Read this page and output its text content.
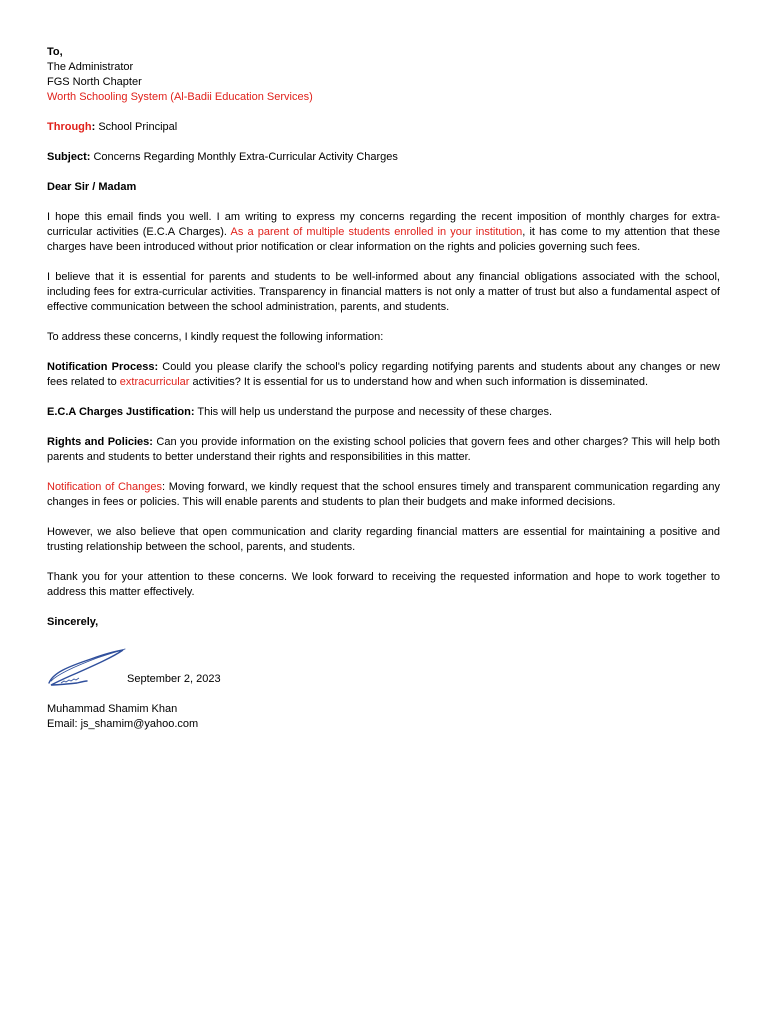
To,
The Administrator
FGS North Chapter
Worth Schooling System (Al-Badii Education Services)
Through: School Principal
Subject: Concerns Regarding Monthly Extra-Curricular Activity Charges
Dear Sir / Madam
I hope this email finds you well. I am writing to express my concerns regarding the recent imposition of monthly charges for extra-curricular activities (E.C.A Charges). As a parent of multiple students enrolled in your institution, it has come to my attention that these charges have been introduced without prior notification or clear information on the rights and policies governing such fees.
I believe that it is essential for parents and students to be well-informed about any financial obligations associated with the school, including fees for extra-curricular activities. Transparency in financial matters is not only a matter of trust but also a fundamental aspect of effective communication between the school administration, parents, and students.
To address these concerns, I kindly request the following information:
Notification Process: Could you please clarify the school's policy regarding notifying parents and students about any changes or new fees related to extracurricular activities? It is essential for us to understand how and when such information is disseminated.
E.C.A Charges Justification: This will help us understand the purpose and necessity of these charges.
Rights and Policies: Can you provide information on the existing school policies that govern fees and other charges? This will help both parents and students to better understand their rights and responsibilities in this matter.
Notification of Changes: Moving forward, we kindly request that the school ensures timely and transparent communication regarding any changes in fees or policies. This will enable parents and students to plan their budgets and make informed decisions.
However, we also believe that open communication and clarity regarding financial matters are essential for maintaining a positive and trusting relationship between the school, parents, and students.
Thank you for your attention to these concerns. We look forward to receiving the requested information and hope to work together to address this matter effectively.
Sincerely,
September 2, 2023
Muhammad Shamim Khan
Email: js_shamim@yahoo.com
